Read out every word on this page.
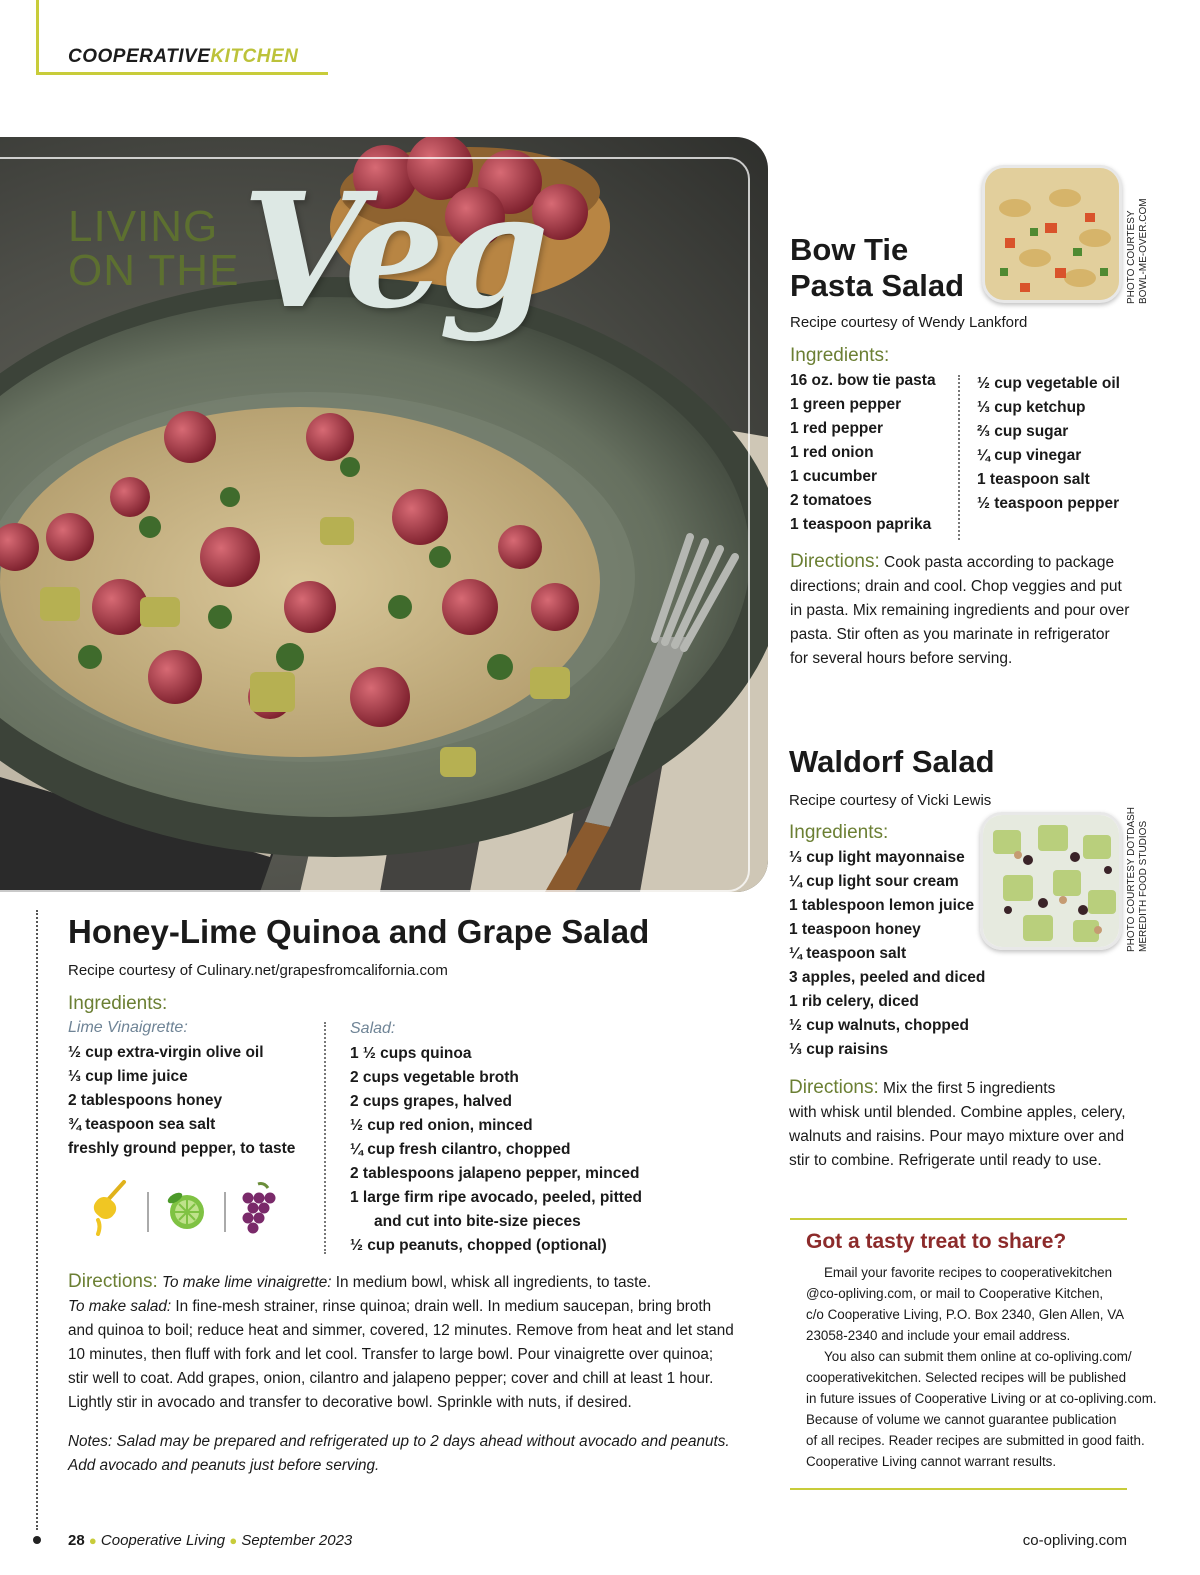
COOPERATIVEKITCHEN
LIVING
ON THE Veg	Bow Tie
Pasta Salad	PHOTO COURTESY BOWL-ME-OVER.COM
Recipe courtesy of Wendy Lankford
Ingredients:
16 oz. bow tie pasta
1 green pepper
1 red pepper
1 red onion
1 cucumber
2 tomatoes
1 teaspoon paprika
½ cup vegetable oil
⅓ cup ketchup
⅔ cup sugar
¼ cup vinegar
1 teaspoon salt
½ teaspoon pepper
Directions: Cook pasta according to package
directions; drain and cool. Chop veggies and put
in pasta. Mix remaining ingredients and pour over
pasta. Stir often as you marinate in refrigerator
for several hours before serving.
Waldorf Salad
Recipe courtesy of Vicki Lewis
Ingredients:
⅓ cup light mayonnaise
¼ cup light sour cream
1 tablespoon lemon juice
1 teaspoon honey
¼ teaspoon salt
3 apples, peeled and diced
1 rib celery, diced
½ cup walnuts, chopped
⅓ cup raisins
PHOTO COURTESY DOTDASH MEREDITH FOOD STUDIOS
Directions: Mix the first 5 ingredients
with whisk until blended. Combine apples, celery,
walnuts and raisins. Pour mayo mixture over and
stir to combine. Refrigerate until ready to use.
Honey-Lime Quinoa and Grape Salad
Recipe courtesy of Culinary.net/grapesfromcalifornia.com
Ingredients:
Lime Vinaigrette:
½ cup extra-virgin olive oil
⅓ cup lime juice
2 tablespoons honey
¾ teaspoon sea salt
freshly ground pepper, to taste
Salad:
1 ½ cups quinoa
2 cups vegetable broth
2 cups grapes, halved
½ cup red onion, minced
¼ cup fresh cilantro, chopped
2 tablespoons jalapeno pepper, minced
1 large firm ripe avocado, peeled, pitted
and cut into bite-size pieces
½ cup peanuts, chopped (optional)
Directions: To make lime vinaigrette: In medium bowl, whisk all ingredients, to taste.
To make salad: In fine-mesh strainer, rinse quinoa; drain well. In medium saucepan, bring broth
and quinoa to boil; reduce heat and simmer, covered, 12 minutes. Remove from heat and let stand
10 minutes, then fluff with fork and let cool. Transfer to large bowl. Pour vinaigrette over quinoa;
stir well to coat. Add grapes, onion, cilantro and jalapeno pepper; cover and chill at least 1 hour.
Lightly stir in avocado and transfer to decorative bowl. Sprinkle with nuts, if desired.
Notes: Salad may be prepared and refrigerated up to 2 days ahead without avocado and peanuts.
Add avocado and peanuts just before serving.
Got a tasty treat to share?
Email your favorite recipes to cooperativekitchen
@co-opliving.com, or mail to Cooperative Kitchen,
c/o Cooperative Living, P.O. Box 2340, Glen Allen, VA
23058-2340 and include your email address.
You also can submit them online at co-opliving.com/
cooperativekitchen. Selected recipes will be published
in future issues of Cooperative Living or at co-opliving.com.
Because of volume we cannot guarantee publication
of all recipes. Reader recipes are submitted in good faith.
Cooperative Living cannot warrant results.
28 ● Cooperative Living ● September 2023	co-opliving.com
